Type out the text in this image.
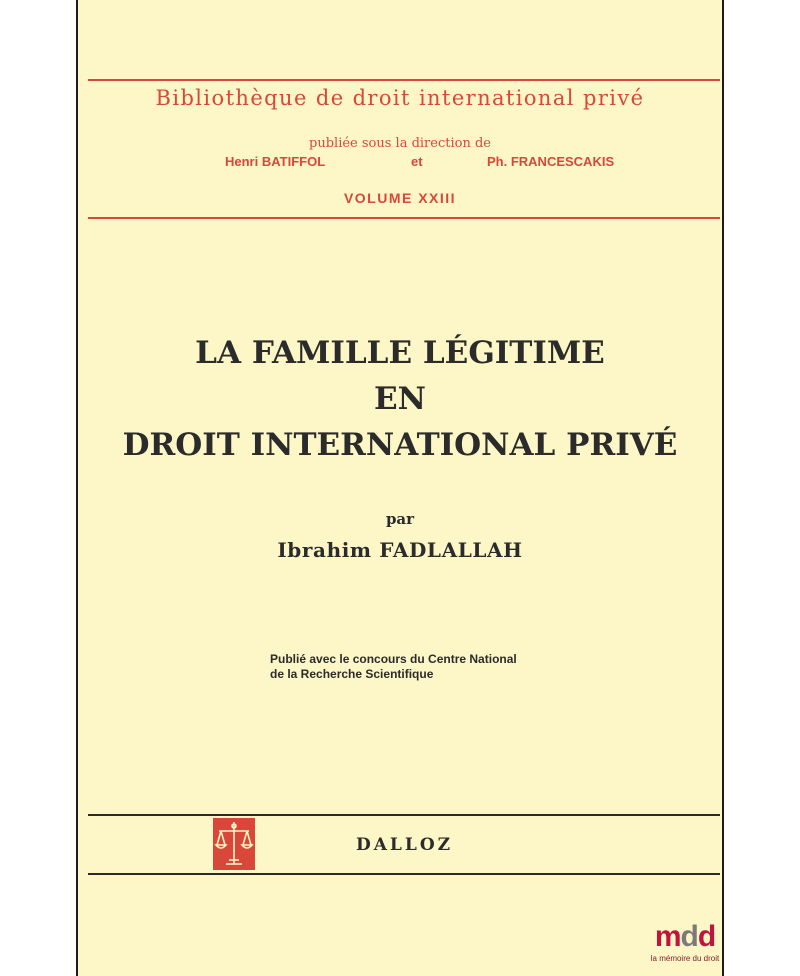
Bibliothèque de droit international privé
publiée sous la direction de
Henri BATIFFOL	et	Ph. FRANCESCAKIS
VOLUME XXIII
LA FAMILLE LÉGITIME
EN
DROIT INTERNATIONAL PRIVÉ
par
Ibrahim FADLALLAH
Publié avec le concours du Centre National
de la Recherche Scientifique
DALLOZ
mdd
la mémoire du droit
